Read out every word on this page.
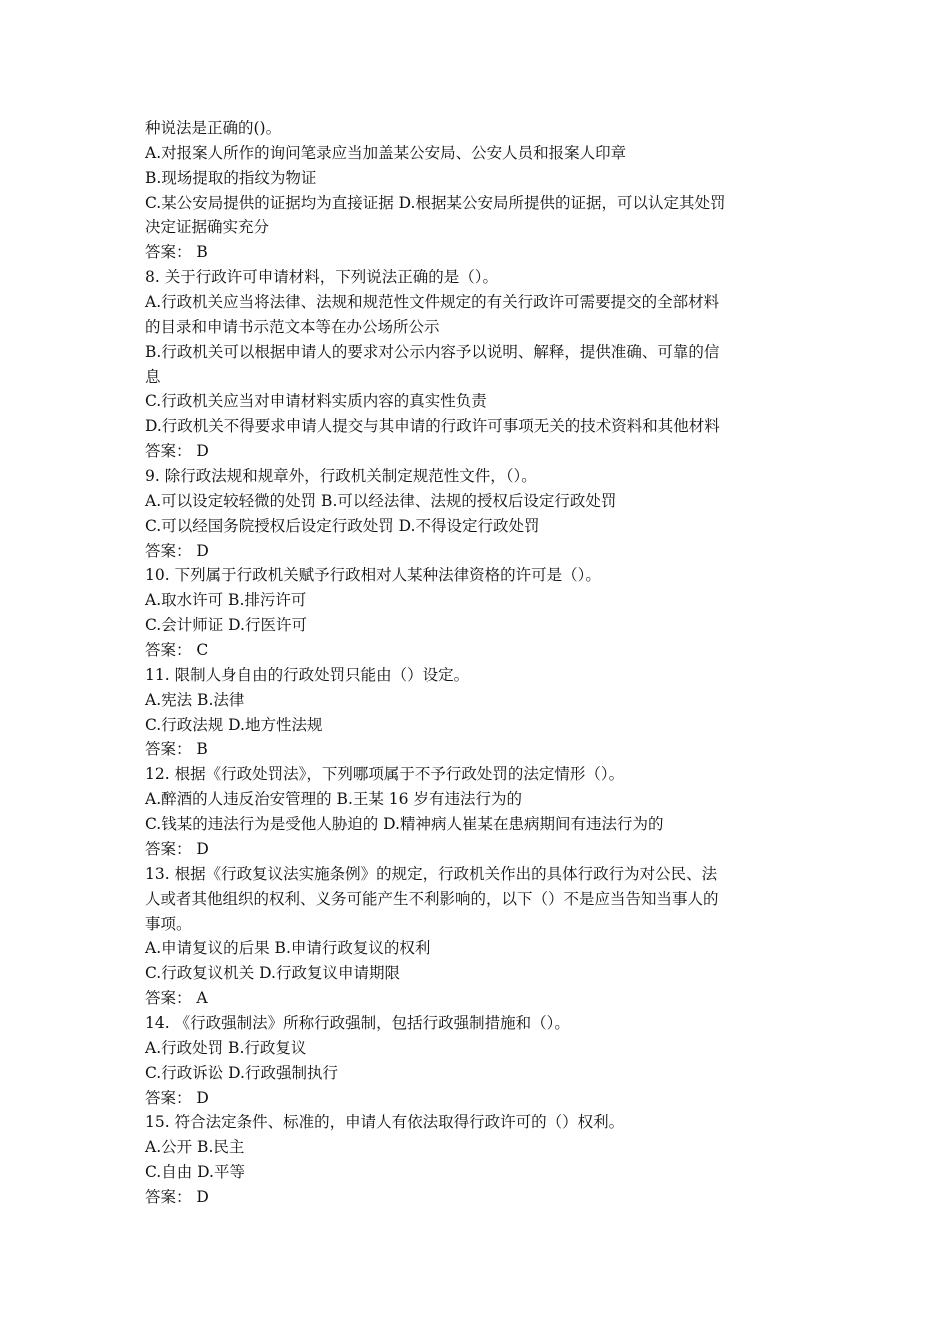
种说法是正确的()。
A.对报案人所作的询问笔录应当加盖某公安局、公安人员和报案人印章
B.现场提取的指纹为物证
C.某公安局提供的证据均为直接证据 D.根据某公安局所提供的证据，可以认定其处罚
决定证据确实充分
答案： B
8. 关于行政许可申请材料，下列说法正确的是（）。
A.行政机关应当将法律、法规和规范性文件规定的有关行政许可需要提交的全部材料
的目录和申请书示范文本等在办公场所公示
B.行政机关可以根据申请人的要求对公示内容予以说明、解释，提供准确、可靠的信
息
C.行政机关应当对申请材料实质内容的真实性负责
D.行政机关不得要求申请人提交与其申请的行政许可事项无关的技术资料和其他材料
答案： D
9. 除行政法规和规章外，行政机关制定规范性文件，（）。
A.可以设定较轻微的处罚 B.可以经法律、法规的授权后设定行政处罚
C.可以经国务院授权后设定行政处罚 D.不得设定行政处罚
答案： D
10. 下列属于行政机关赋予行政相对人某种法律资格的许可是（）。
A.取水许可 B.排污许可
C.会计师证 D.行医许可
答案： C
11. 限制人身自由的行政处罚只能由（）设定。
A.宪法 B.法律
C.行政法规 D.地方性法规
答案： B
12. 根据《行政处罚法》，下列哪项属于不予行政处罚的法定情形（）。
A.醉酒的人违反治安管理的 B.王某 16 岁有违法行为的
C.钱某的违法行为是受他人胁迫的 D.精神病人崔某在患病期间有违法行为的
答案： D
13. 根据《行政复议法实施条例》的规定，行政机关作出的具体行政行为对公民、法
人或者其他组织的权利、义务可能产生不利影响的，以下（）不是应当告知当事人的
事项。
A.申请复议的后果 B.申请行政复议的权利
C.行政复议机关 D.行政复议申请期限
答案： A
14. 《行政强制法》所称行政强制，包括行政强制措施和（）。
A.行政处罚 B.行政复议
C.行政诉讼 D.行政强制执行
答案： D
15. 符合法定条件、标准的，申请人有依法取得行政许可的（）权利。
A.公开 B.民主
C.自由 D.平等
答案： D
